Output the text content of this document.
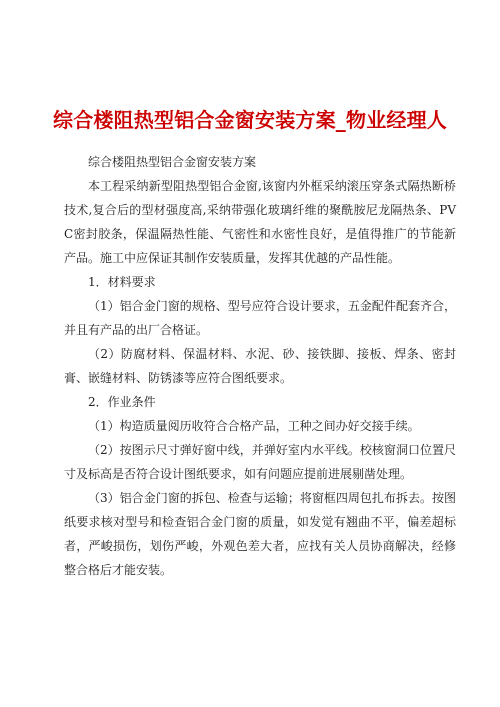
综合楼阻热型铝合金窗安装方案_物业经理人

综合楼阻热型铝合金窗安装方案

本工程采纳新型阻热型铝合金窗,该窗内外框采纳滚压穿条式隔热断桥技术,复合后的型材强度高,采纳带强化玻璃纤维的聚酰胺尼龙隔热条、PVC密封胶条，保温隔热性能、气密性和水密性良好，是值得推广的节能新产品。施工中应保证其制作安装质量，发挥其优越的产品性能。

1．材料要求

（1）铝合金门窗的规格、型号应符合设计要求，五金配件配套齐合，并且有产品的出厂合格证。

（2）防腐材料、保温材料、水泥、砂、接铁脚、接板、焊条、密封膏、嵌缝材料、防锈漆等应符合图纸要求。

2．作业条件

（1）构造质量阅历收符合合格产品，工种之间办好交接手续。

（2）按图示尺寸弹好窗中线，并弹好室内水平线。校核窗洞口位置尺寸及标高是否符合设计图纸要求，如有问题应提前进展剔凿处理。

（3）铝合金门窗的拆包、检查与运输；将窗框四周包扎布拆去。按图纸要求核对型号和检查铝合金门窗的质量，如发觉有翘曲不平，偏差超标者，严峻损伤，划伤严峻，外观色差大者，应找有关人员协商解决，经修整合格后才能安装。
